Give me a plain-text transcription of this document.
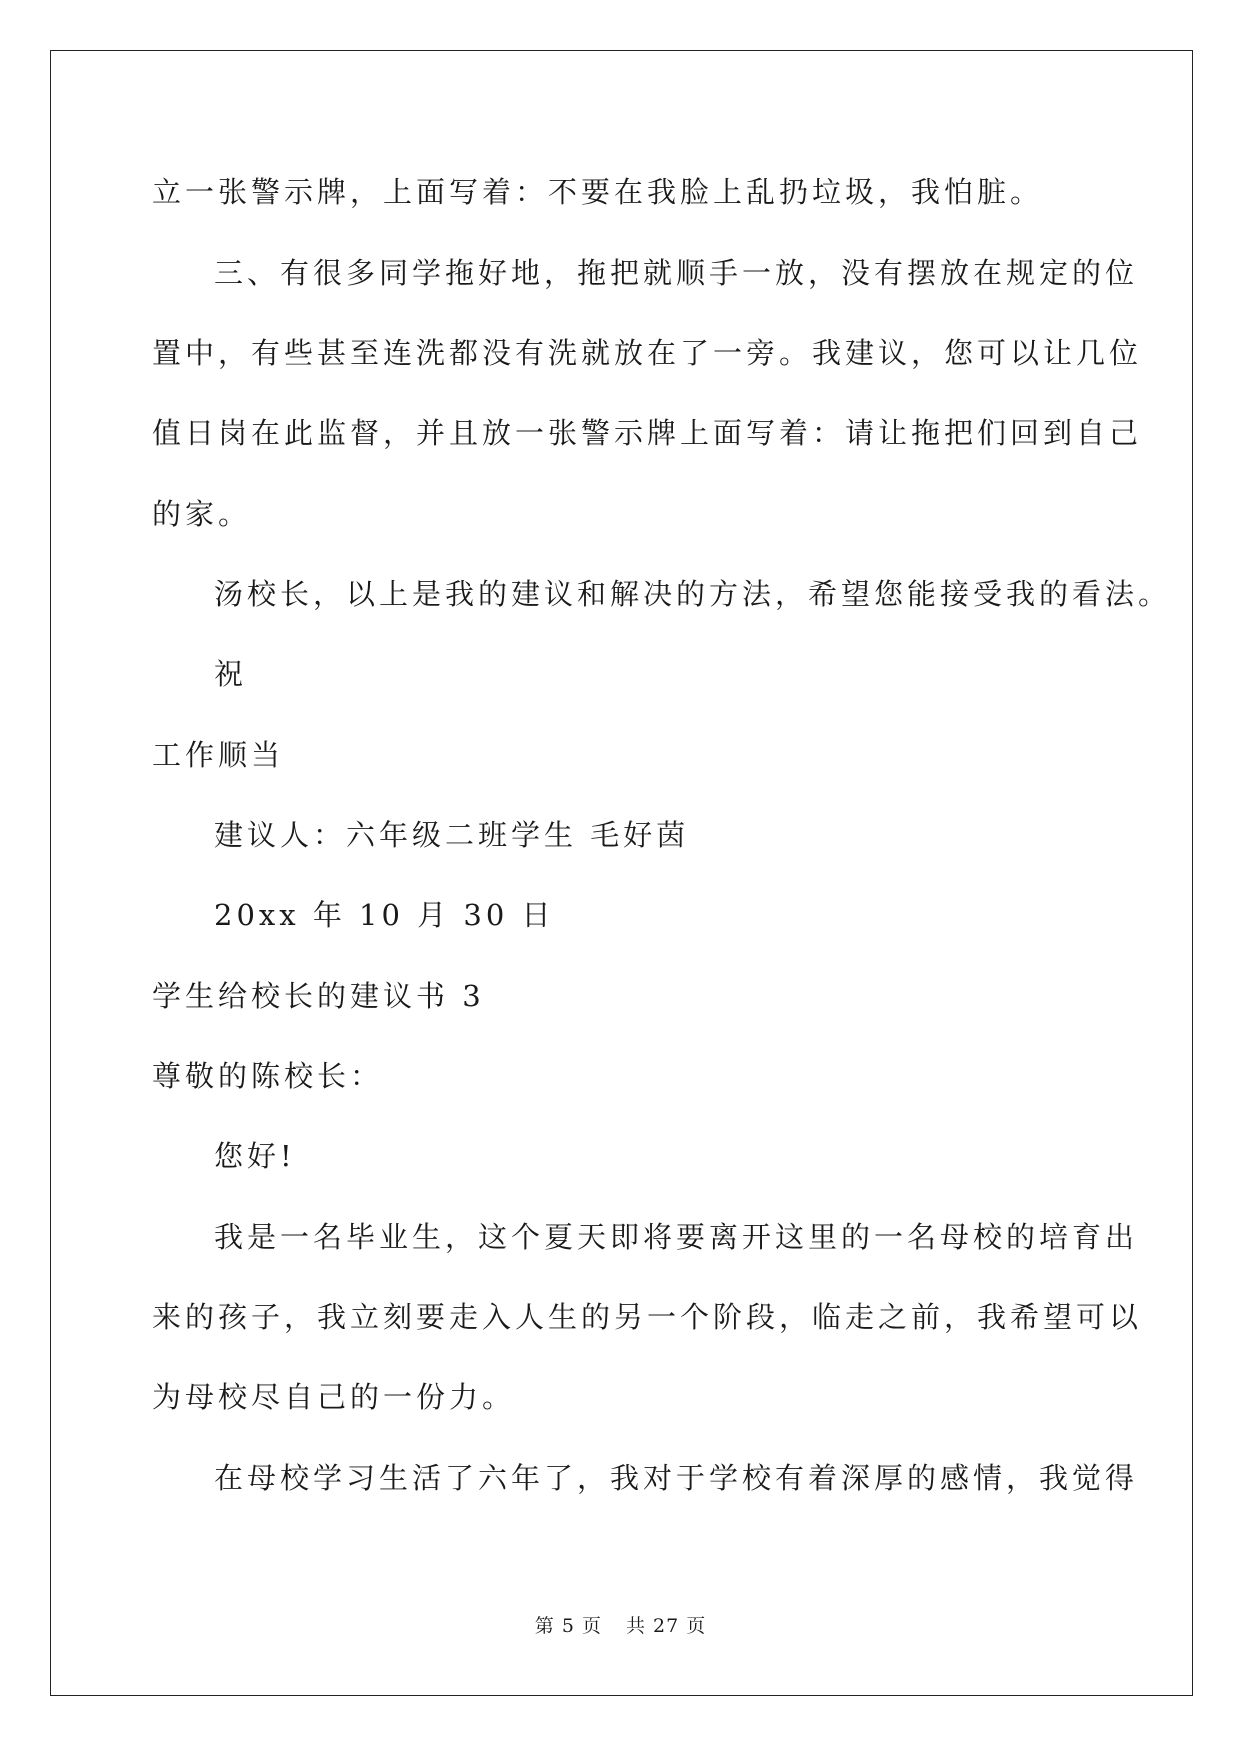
立一张警示牌，上面写着：不要在我脸上乱扔垃圾，我怕脏。
三、有很多同学拖好地，拖把就顺手一放，没有摆放在规定的位
置中，有些甚至连洗都没有洗就放在了一旁。我建议，您可以让几位
值日岗在此监督，并且放一张警示牌上面写着：请让拖把们回到自己
的家。
汤校长，以上是我的建议和解决的方法，希望您能接受我的看法。
祝
工作顺当
建议人：六年级二班学生 毛好茵
20xx 年 10 月 30 日
学生给校长的建议书 3
尊敬的陈校长：
您好!
我是一名毕业生，这个夏天即将要离开这里的一名母校的培育出
来的孩子，我立刻要走入人生的另一个阶段，临走之前，我希望可以
为母校尽自己的一份力。
在母校学习生活了六年了，我对于学校有着深厚的感情，我觉得
第 5 页 共 27 页
